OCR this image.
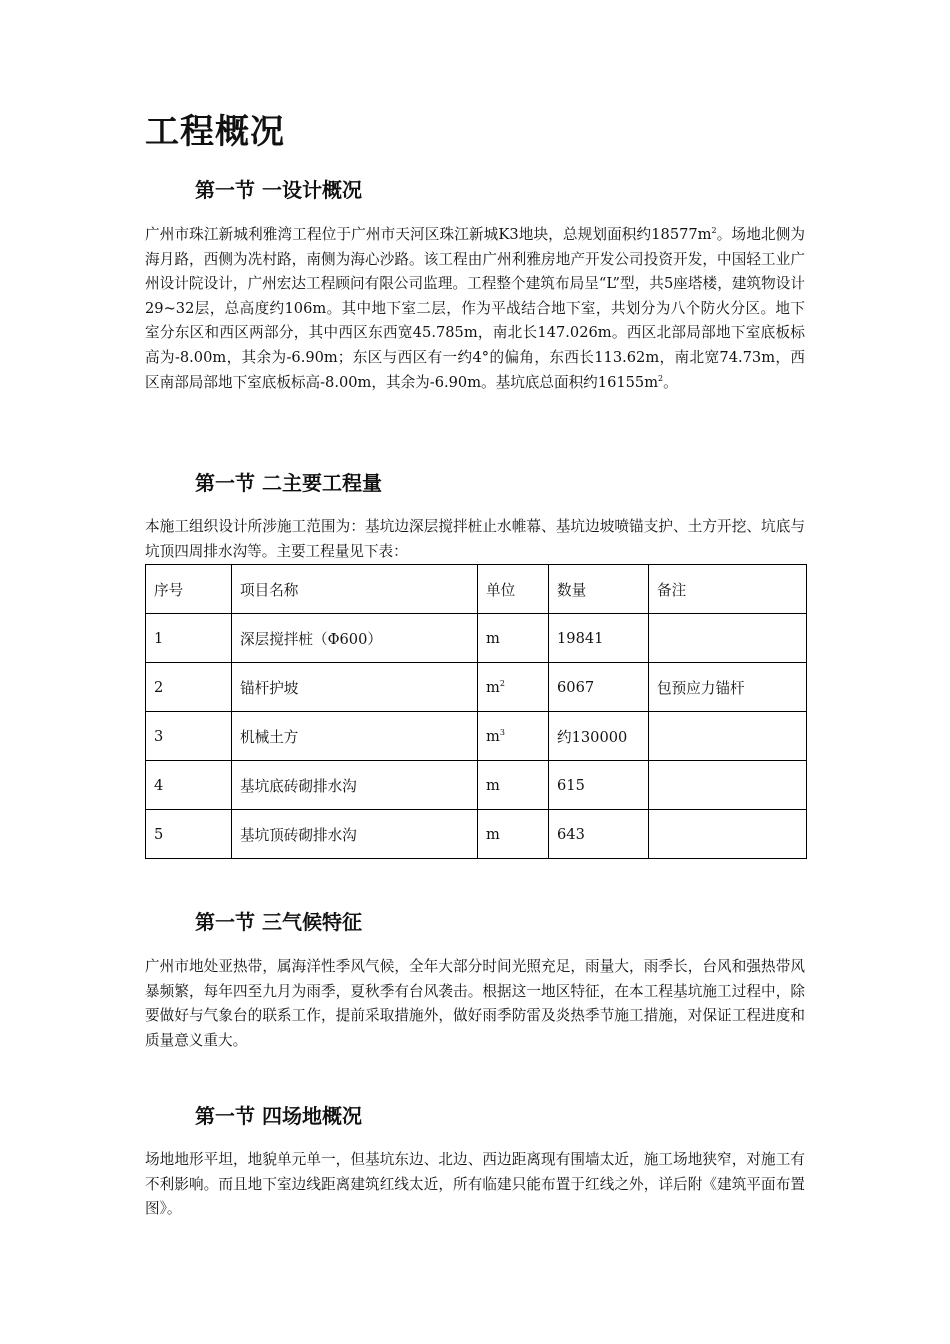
工程概况
第一节 一设计概况

广州市珠江新城利雅湾工程位于广州市天河区珠江新城K3地块，总规划面积约$18577m^2$。场地北侧为海月路，西侧为冼村路，南侧为海心沙路。该工程由广州利雅房地产开发公司投资开发，中国轻工业广州设计院设计，广州宏达工程顾问有限公司监理。工程整个建筑布局呈“L”型，共5座塔楼，建筑物设计29~32层，总高度约106m。其中地下室二层，作为平战结合地下室，共划分为八个防火分区。地下室分东区和西区两部分，其中西区东西宽45.785m，南北长147.026m。西区北部局部地下室底板标高为-8.00m，其余为-6.90m；东区与西区有一约4°的偏角，东西长113.62m，南北宽74.73m，西区南部局部地下室底板标高-8.00m，其余为-6.90m。基坑底总面积约$16155m^2$。

第一节 二主要工程量

本施工组织设计所涉施工范围为：基坑边深层搅拌桩止水帷幕、基坑边坡喷锚支护、土方开挖、坑底与坑顶四周排水沟等。主要工程量见下表：

序号	项目名称	单位	数量	备注
1	深层搅拌桩（Φ600）	m	19841	
2	锚杆护坡	$m^2$	6067	包预应力锚杆
3	机械土方	$m^3$	约130000	
4	基坑底砖砌排水沟	m	615	
5	基坑顶砖砌排水沟	m	643	
第一节 三气候特征

广州市地处亚热带，属海洋性季风气候，全年大部分时间光照充足，雨量大，雨季长，台风和强热带风暴频繁，每年四至九月为雨季，夏秋季有台风袭击。根据这一地区特征，在本工程基坑施工过程中，除要做好与气象台的联系工作，提前采取措施外，做好雨季防雷及炎热季节施工措施，对保证工程进度和质量意义重大。

第一节 四场地概况

场地地形平坦，地貌单元单一，但基坑东边、北边、西边距离现有围墙太近，施工场地狭窄，对施工有不利影响。而且地下室边线距离建筑红线太近，所有临建只能布置于红线之外，详后附《建筑平面布置图》。
